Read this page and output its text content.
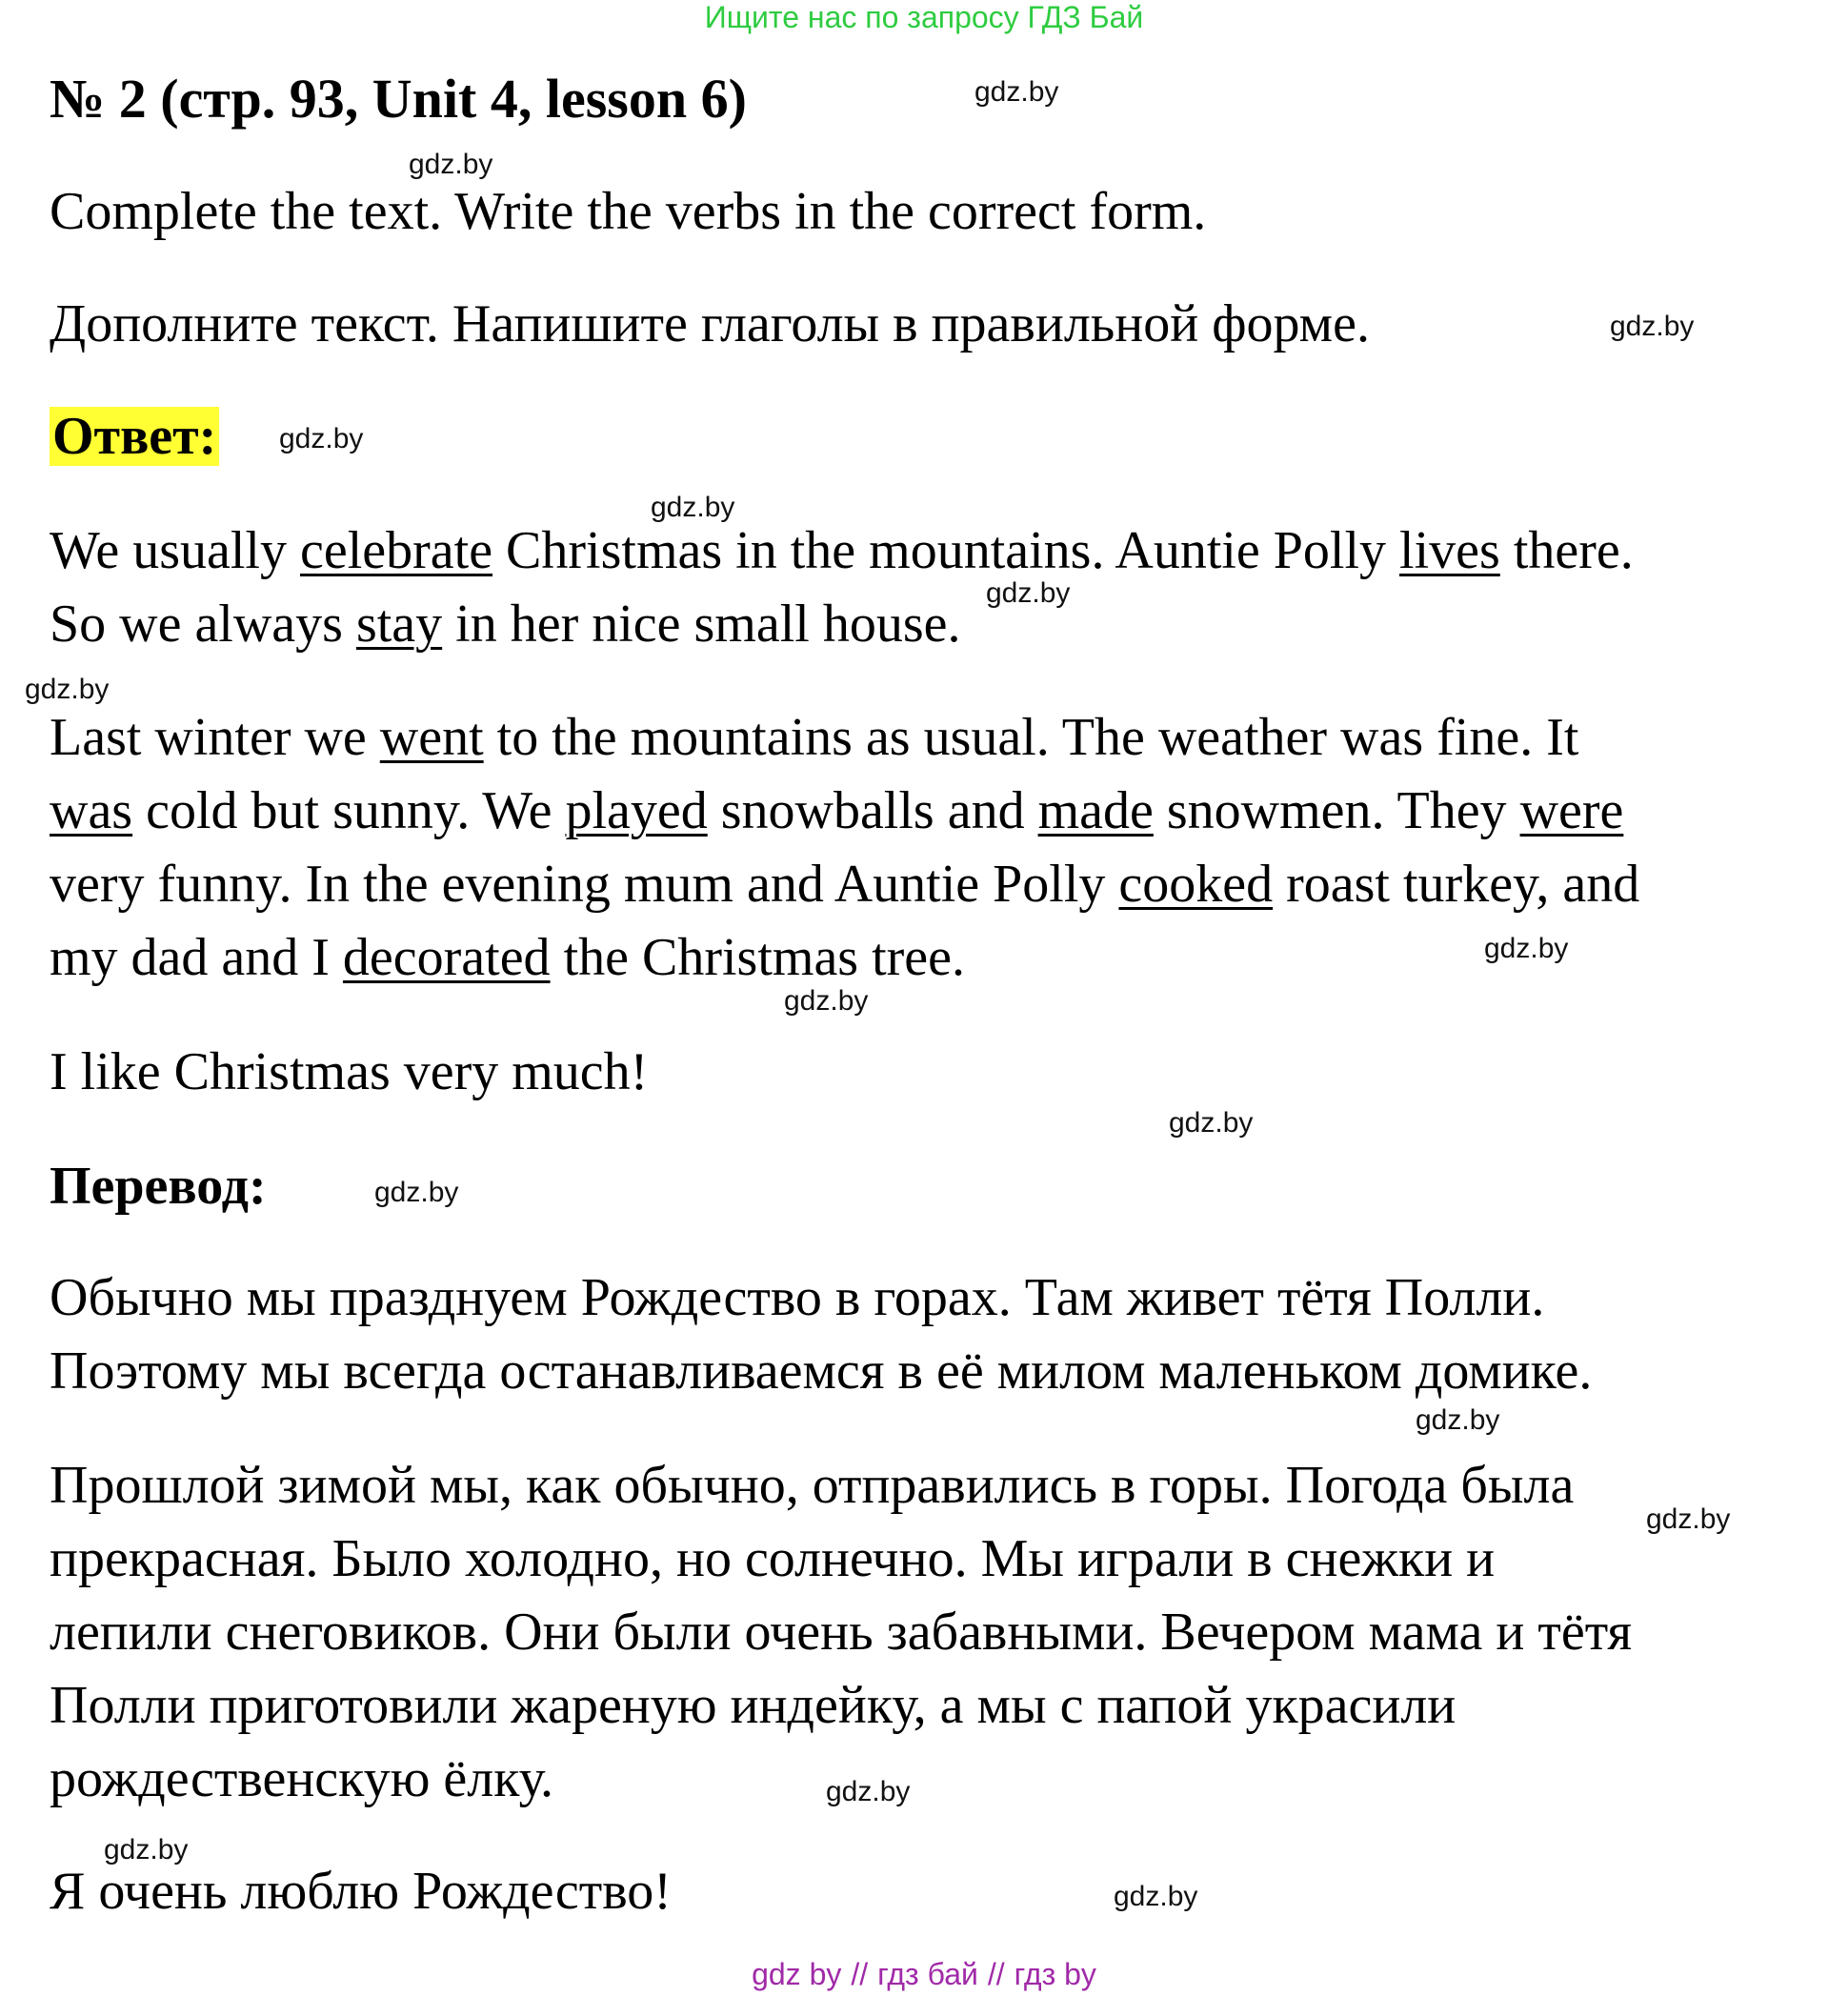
Ищите нас по запросу ГДЗ Бай
№ 2 (стр. 93, Unit 4, lesson 6)
Complete the text. Write the verbs in the correct form.
Дополните текст. Напишите глаголы в правильной форме.
Ответ:
We usually celebrate Christmas in the mountains. Auntie Polly lives there.
So we always stay in her nice small house.
Last winter we went to the mountains as usual. The weather was fine. It
was cold but sunny. We played snowballs and made snowmen. They were
very funny. In the evening mum and Auntie Polly cooked roast turkey, and
my dad and I decorated the Christmas tree.
I like Christmas very much!
Перевод:
Обычно мы празднуем Рождество в горах. Там живет тётя Полли.
Поэтому мы всегда останавливаемся в её милом маленьком домике.
Прошлой зимой мы, как обычно, отправились в горы. Погода была
прекрасная. Было холодно, но солнечно. Мы играли в снежки и
лепили снеговиков. Они были очень забавными. Вечером мама и тётя
Полли приготовили жареную индейку, а мы с папой украсили
рождественскую ёлку.
Я очень люблю Рождество!
gdz.by
gdz.by
gdz.by
gdz.by
gdz.by
gdz.by
gdz.by
gdz.by
gdz.by
gdz.by
gdz.by
gdz.by
gdz.by
gdz.by
gdz.by
gdz.by
gdz by // гдз бай // гдз by
